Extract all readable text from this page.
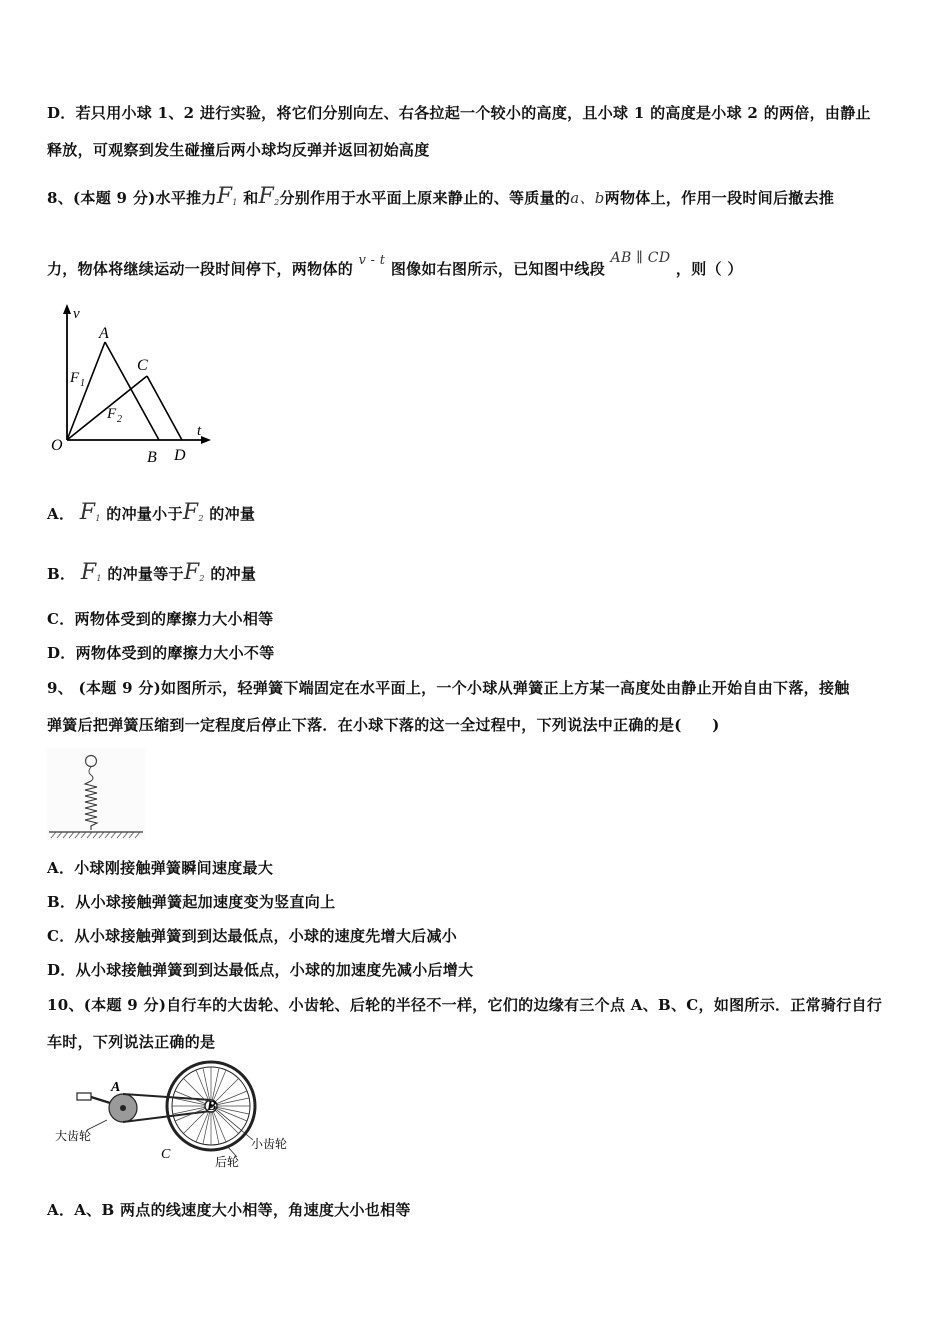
D．若只用小球 1、2 进行实验，将它们分别向左、右各拉起一个较小的高度，且小球 1 的高度是小球 2 的两倍，由静止
释放，可观察到发生碰撞后两小球均反弹并返回初始高度
8、(本题 9 分)水平推力$F_1$ 和$F_2$分别作用于水平面上原来静止的、等质量的a、b两物体上，作用一段时间后撤去推
力，物体将继续运动一段时间停下，两物体的 v - t 图像如右图所示，已知图中线段 AB ∥ CD ，则（ ）
v
t
O
A
B
C
D
F 1
F 2
A． $F_1$ 的冲量小于$F_2$ 的冲量
B． $F_1$ 的冲量等于$F_2$ 的冲量
C．两物体受到的摩擦力大小相等
D．两物体受到的摩擦力大小不等
9、 (本题 9 分)如图所示，轻弹簧下端固定在水平面上，一个小球从弹簧正上方某一高度处由静止开始自由下落，接触
弹簧后把弹簧压缩到一定程度后停止下落．在小球下落的这一全过程中，下列说法中正确的是(　　)
A．小球刚接触弹簧瞬间速度最大
B．从小球接触弹簧起加速度变为竖直向上
C．从小球接触弹簧到到达最低点，小球的速度先增大后减小
D．从小球接触弹簧到到达最低点，小球的加速度先减小后增大
10、(本题 9 分)自行车的大齿轮、小齿轮、后轮的半径不一样，它们的边缘有三个点 A、B、C，如图所示．正常骑行自行
车时，下列说法正确的是
A
B
C
大齿轮
小齿轮
后轮
A．A、B 两点的线速度大小相等，角速度大小也相等
